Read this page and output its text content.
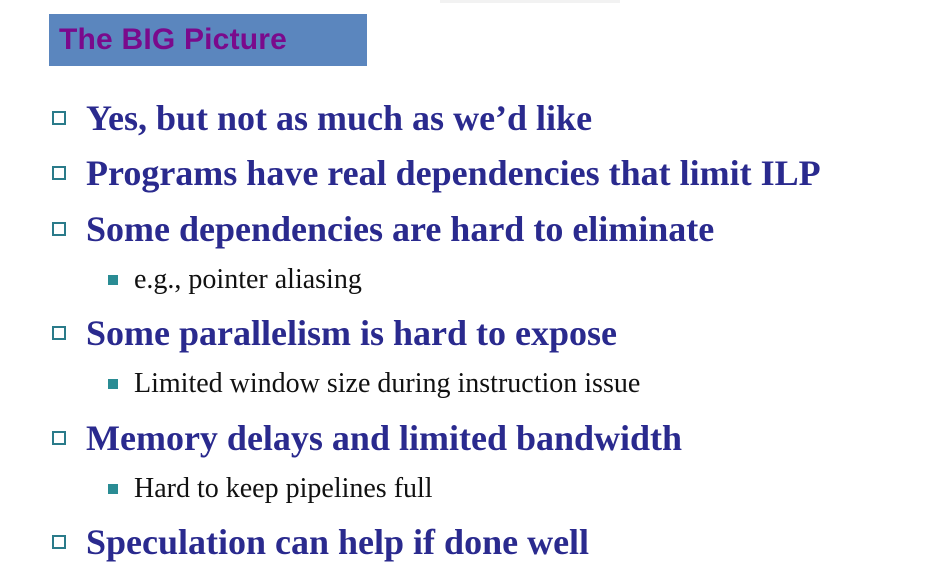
The BIG Picture
Yes, but not as much as we’d like
Programs have real dependencies that limit ILP
Some dependencies are hard to eliminate
e.g., pointer aliasing
Some parallelism is hard to expose
Limited window size during instruction issue
Memory delays and limited bandwidth
Hard to keep pipelines full
Speculation can help if done well
